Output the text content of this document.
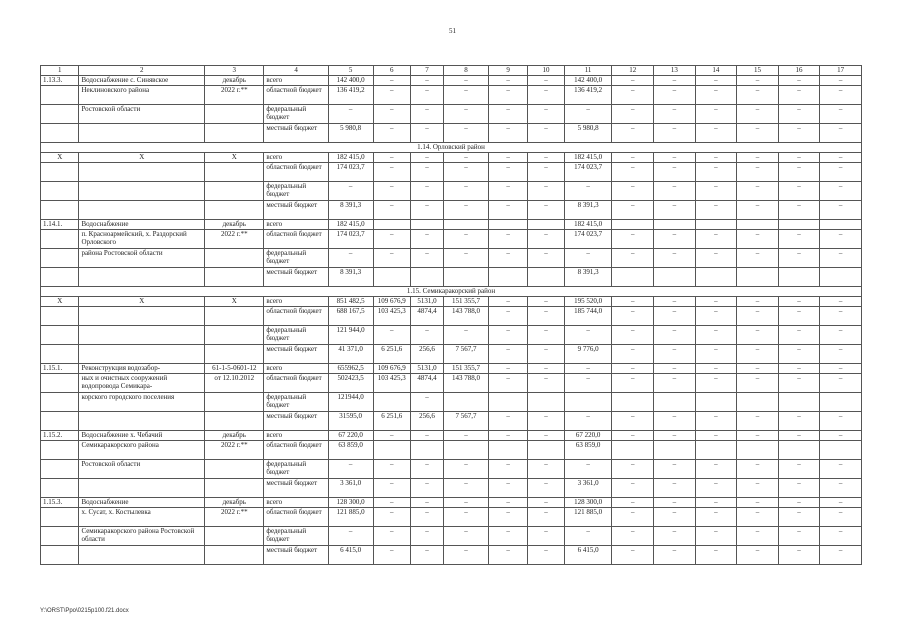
51
1	2	3	4	5	6	7	8	9	10	11	12	13	14	15	16	17
1.13.3.	Водоснабжение с. Синявское	декабрь	всего	142 400,0	–	–	–	–	–	142 400,0	–	–	–	–	–	–
	Неклиновского района	2022 г.**	областной бюджет	136 419,2	–	–	–	–	–	136 419,2	–	–	–	–	–	–
	Ростовской области		федеральный бюджет	–	–	–	–	–	–	–	–	–	–	–	–	–
			местный бюджет	5 980,8	–	–	–	–	–	5 980,8	–	–	–	–	–	–
1.14. Орловский район																
Х	Х	Х	всего	182 415,0	–	–	–	–	–	182 415,0	–	–	–	–	–	–
			областной бюджет	174 023,7	–	–	–	–	–	174 023,7	–	–	–	–	–	–
			федеральный бюджет	–	–	–	–	–	–	–	–	–	–	–	–	–
			местный бюджет	8 391,3	–	–	–	–	–	8 391,3	–	–	–	–	–	–
1.14.1.	Водоснабжение	декабрь	всего	182 415,0						182 415,0						
	п. Красноармейский, х. Раздорский Орловского	2022 г.**	областной бюджет	174 023,7	–	–	–	–	–	174 023,7	–	–	–	–	–	–
	района Ростовской области		федеральный бюджет	–	–	–	–	–	–	–	–	–	–	–	–	–
			местный бюджет	8 391,3						8 391,3						
1.15. Семикаракорский район																
Х	Х	Х	всего	851 482,5	109 676,9	5131,0	151 355,7	–	–	195 520,0	–	–	–	–	–	–
			областной бюджет	688 167,5	103 425,3	4874,4	143 788,0	–	–	185 744,0	–	–	–	–	–	–
			федеральный бюджет	121 944,0	–	–	–	–	–	–	–	–	–	–	–	–
			местный бюджет	41 371,0	6 251,6	256,6	7 567,7	–	–	9 776,0	–	–	–	–	–	–
1.15.1.	Реконструкция водозабор-	61-1-5-0601-12	всего	655962,5	109 676,9	5131,0	151 355,7	–	–	–	–	–	–	–	–	–
	ных и очистных сооружений водопровода Семикара-	от 12.10.2012	областной бюджет	502423,5	103 425,3	4874,4	143 788,0	–	–	–	–	–	–	–	–	–
	корского городского поселения		федеральный бюджет	121944,0		–										
			местный бюджет	31595,0	6 251,6	256,6	7 567,7	–	–	–	–	–	–	–	–	–
1.15.2.	Водоснабжение х. Чебачий	декабрь	всего	67 220,0	–	–	–	–	–	67 220,0	–	–	–	–	–	–
	Семикаракорского района	2022 г.**	областной бюджет	63 859,0						63 859,0						
	Ростовской области		федеральный бюджет	–	–	–	–	–	–	–	–	–	–	–	–	–
			местный бюджет	3 361,0	–	–	–	–	–	3 361,0	–	–	–	–	–	–
1.15.3.	Водоснабжение	декабрь	всего	128 300,0	–	–	–	–	–	128 300,0	–	–	–	–	–	–
	х. Сусат, х. Костылевка	2022 г.**	областной бюджет	121 885,0	–	–	–	–	–	121 885,0	–	–	–	–	–	–
	Семикаракорского района Ростовской области		федеральный бюджет	–	–	–	–	–	–	–	–	–	–	–	–	–
			местный бюджет	6 415,0	–	–	–	–	–	6 415,0	–	–	–	–	–	–
Y:\ORST\Ppo\0215p100.f21.docx
